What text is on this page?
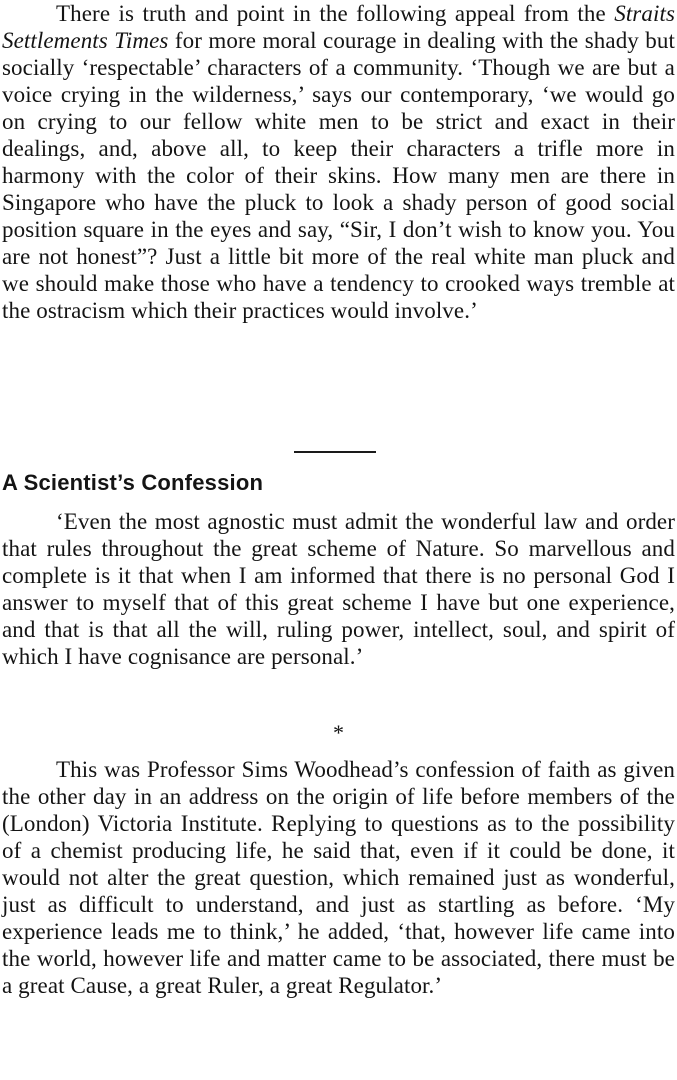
There is truth and point in the following appeal from the Straits Settlements Times for more moral courage in dealing with the shady but socially ‘respectable’ characters of a community. ‘Though we are but a voice crying in the wilderness,’ says our contemporary, ‘we would go on crying to our fellow white men to be strict and exact in their dealings, and, above all, to keep their characters a trifle more in harmony with the color of their skins. How many men are there in Singapore who have the pluck to look a shady person of good social position square in the eyes and say, “Sir, I don’t wish to know you. You are not honest”? Just a little bit more of the real white man pluck and we should make those who have a tendency to crooked ways tremble at the ostracism which their practices would involve.’

A Scientist’s Confession

‘Even the most agnostic must admit the wonderful law and order that rules throughout the great scheme of Nature. So marvellous and complete is it that when I am informed that there is no personal God I answer to myself that of this great scheme I have but one experience, and that is that all the will, ruling power, intellect, soul, and spirit of which I have cognisance are personal.’

*

This was Professor Sims Woodhead’s confession of faith as given the other day in an address on the origin of life before members of the (London) Victoria Institute. Replying to questions as to the possibility of a chemist producing life, he said that, even if it could be done, it would not alter the great question, which remained just as wonderful, just as difficult to understand, and just as startling as before. ‘My experience leads me to think,’ he added, ‘that, however life came into the world, however life and matter came to be associated, there must be a great Cause, a great Ruler, a great Regulator.’
